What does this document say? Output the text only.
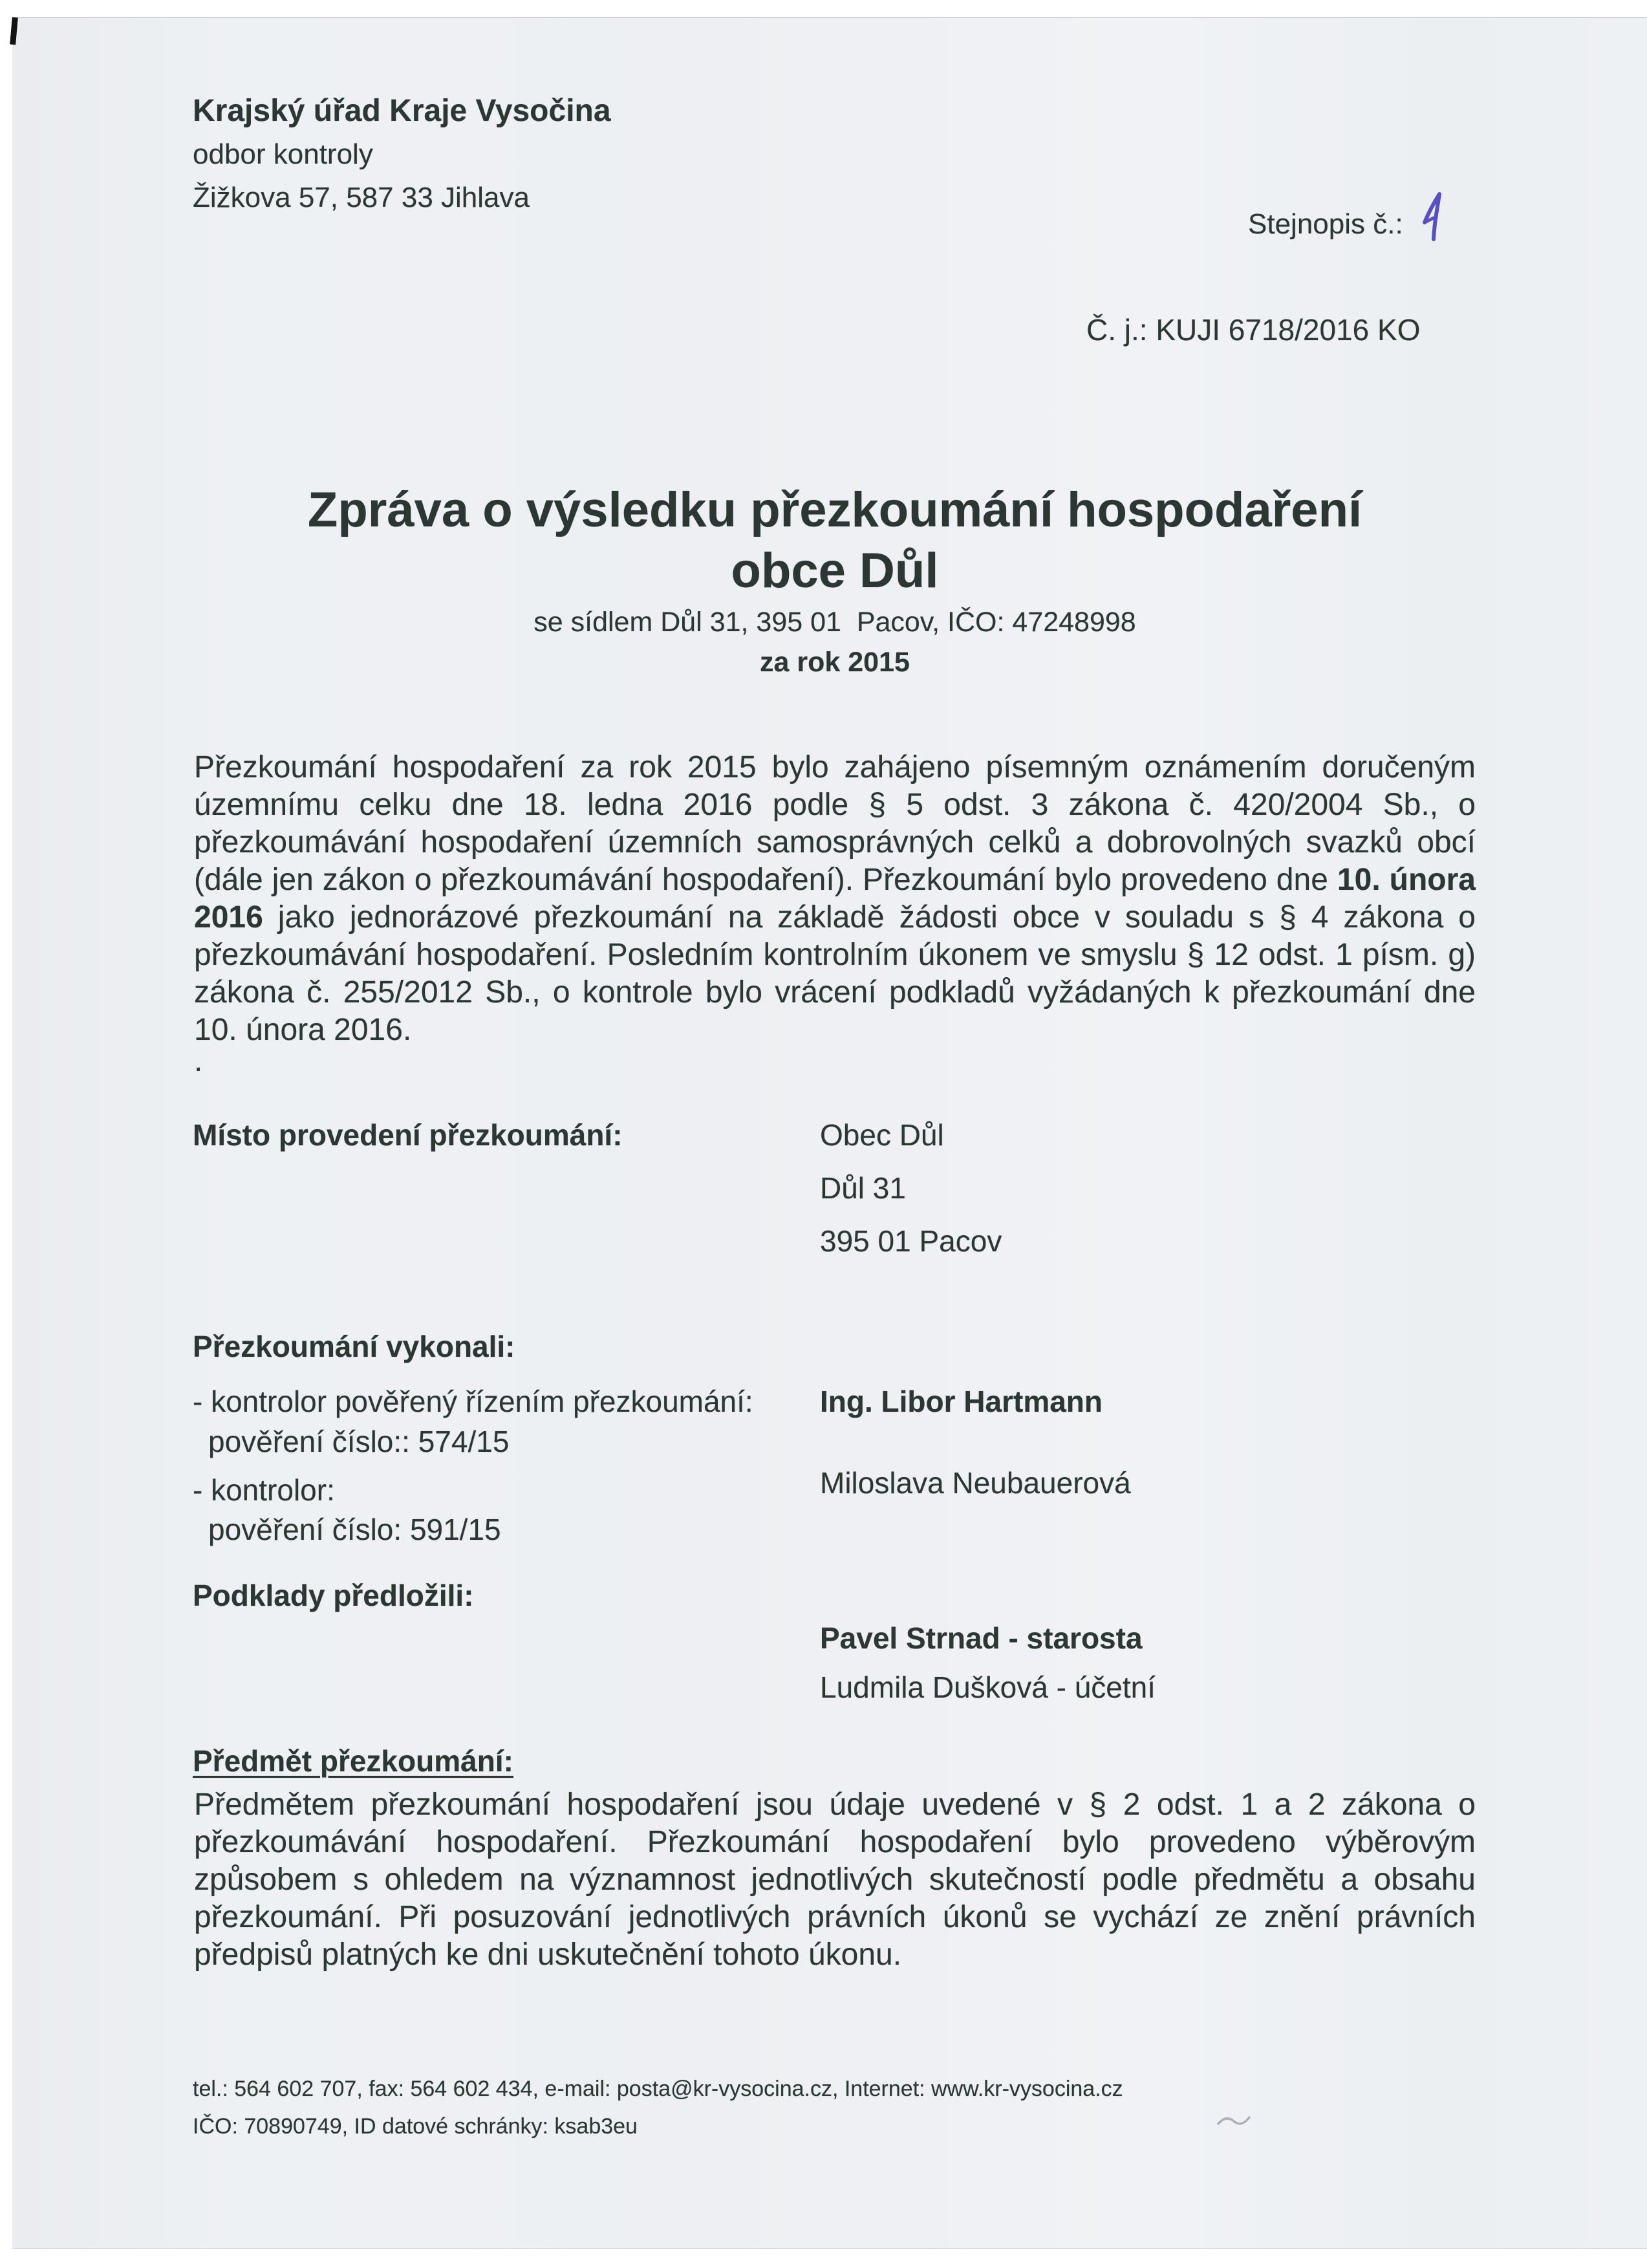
Krajský úřad Kraje Vysočina
odbor kontroly
Žižkova 57, 587 33 Jihlava
Stejnopis č.:
Č. j.: KUJI 6718/2016 KO
Zpráva o výsledku přezkoumání hospodaření
obce Důl
se sídlem Důl 31, 395 01  Pacov, IČO: 47248998
za rok 2015
Přezkoumání hospodaření za rok 2015 bylo zahájeno písemným oznámením doručeným územnímu celku dne 18. ledna 2016 podle § 5 odst. 3 zákona č. 420/2004 Sb., o přezkoumávání hospodaření územních samosprávných celků a dobrovolných svazků obcí (dále jen zákon o přezkoumávání hospodaření). Přezkoumání bylo provedeno dne 10. února 2016 jako jednorázové přezkoumání na základě žádosti obce v souladu s § 4 zákona o přezkoumávání hospodaření. Posledním kontrolním úkonem ve smyslu § 12 odst. 1 písm. g) zákona č. 255/2012 Sb., o kontrole bylo vrácení podkladů vyžádaných k přezkoumání dne 10. února 2016.
.
Místo provedení přezkoumání:	Obec Důl
Důl 31
395 01 Pacov
Přezkoumání vykonali:
- kontrolor pověřený řízením přezkoumání: Ing. Libor Hartmann
pověření číslo:: 574/15
- kontrolor:	Miloslava Neubauerová
pověření číslo: 591/15
Podklady předložili:
Pavel Strnad - starosta
Ludmila Dušková - účetní
Předmět přezkoumání:
Předmětem přezkoumání hospodaření jsou údaje uvedené v § 2 odst. 1 a 2 zákona o přezkoumávání hospodaření. Přezkoumání hospodaření bylo provedeno výběrovým způsobem s ohledem na významnost jednotlivých skutečností podle předmětu a obsahu přezkoumání. Při posuzování jednotlivých právních úkonů se vychází ze znění právních předpisů platných ke dni uskutečnění tohoto úkonu.
tel.: 564 602 707, fax: 564 602 434, e-mail: posta@kr-vysocina.cz, Internet: www.kr-vysocina.cz
IČO: 70890749, ID datové schránky: ksab3eu
